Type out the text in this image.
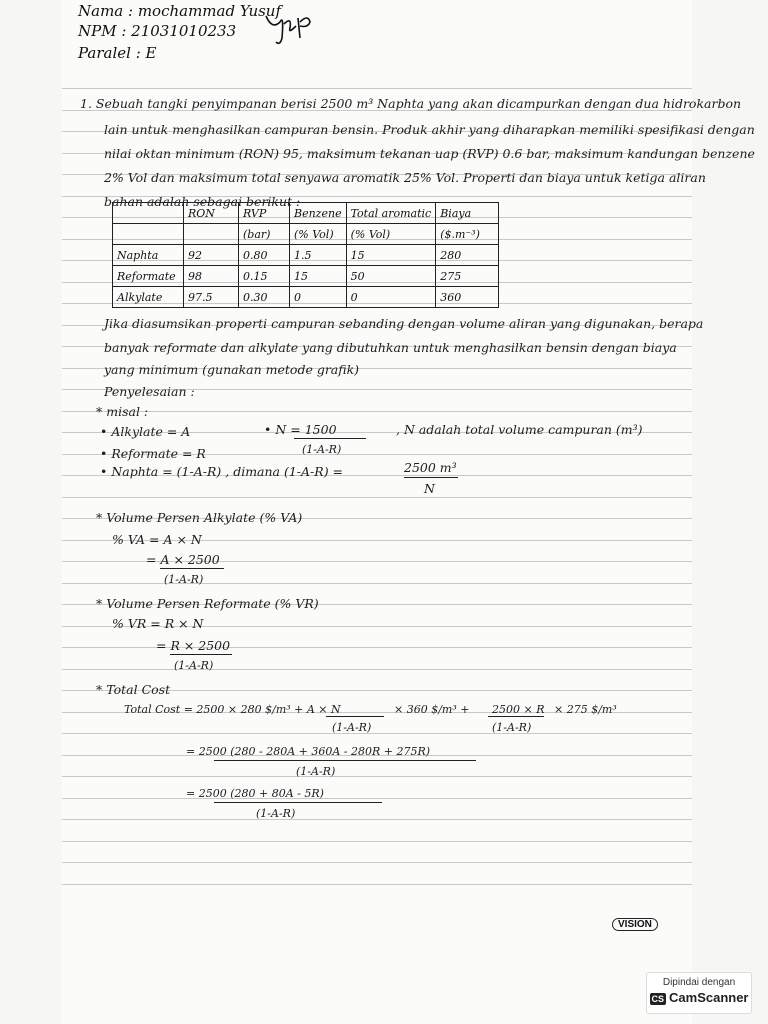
Nama : mochammad Yusuf
NPM : 21031010233
Paralel : E
1. Sebuah tangki penyimpanan berisi 2500 m³ Naphta yang akan dicampurkan dengan dua hidrokarbon
lain untuk menghasilkan campuran bensin. Produk akhir yang diharapkan memiliki spesifikasi dengan
nilai oktan minimum (RON) 95, maksimum tekanan uap (RVP) 0.6 bar, maksimum kandungan benzene
2% Vol dan maksimum total senyawa aromatik 25% Vol. Properti dan biaya untuk ketiga aliran
bahan adalah sebagai berikut :
	RON	RVP	Benzene	Total aromatic	Biaya
		(bar)	(% Vol)	(% Vol)	($.m⁻³)
Naphta	92	0.80	1.5	15	280
Reformate	98	0.15	15	50	275
Alkylate	97.5	0.30	0	0	360
Jika diasumsikan properti campuran sebanding dengan volume aliran yang digunakan, berapa
banyak reformate dan alkylate yang dibutuhkan untuk menghasilkan bensin dengan biaya
yang minimum (gunakan metode grafik)
Penyelesaian :
* misal :
• Alkylate = A	• N = 1500
(1-A-R)
, N adalah total volume campuran (m³)
• Reformate = R
• Naphta = (1-A-R) , dimana (1-A-R) =	2500 m³
N
* Volume Persen Alkylate (% VA)
% VA = A × N
= A × 2500
(1-A-R)
* Volume Persen Reformate (% VR)
% VR = R × N
= R × 2500
(1-A-R)
* Total Cost
Total Cost = 2500 × 280 $/m³ + A × N
(1-A-R)
× 360 $/m³ + 2500 × R
(1-A-R)
× 275 $/m³
= 2500 (280 - 280A + 360A - 280R + 275R)
(1-A-R)
= 2500 (280 + 80A - 5R)
(1-A-R)
VISION
Dipindai dengan
CS CamScanner
